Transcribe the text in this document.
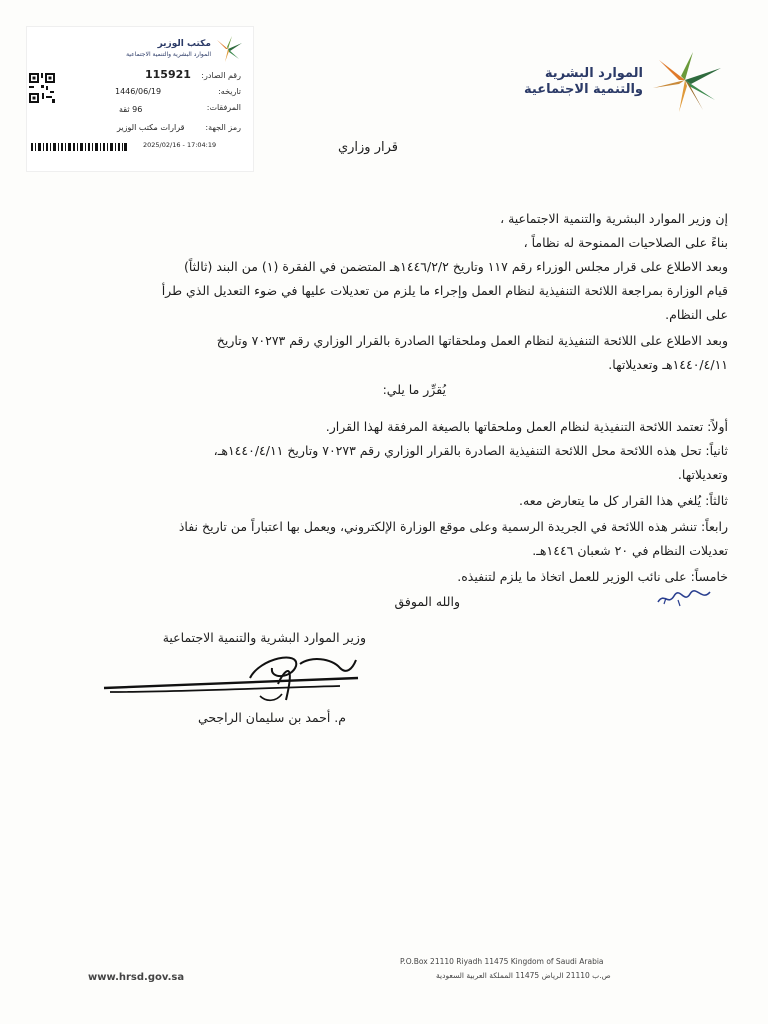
الموارد البشرية
والتنمية الاجتماعية
مكتب الوزير
الموارد البشرية والتنمية الاجتماعية
رقم الصادر:
115921
تاريخه:
1446/06/19
المرفقات:
96 ثقة
رمز الجهة:
قرارات مكتب الوزير
2025/02/16 - 17:04:19	قرار وزاري
إن وزير الموارد البشرية والتنمية الاجتماعية ،
بناءً على الصلاحيات الممنوحة له نظاماً ،
وبعد الاطلاع على قرار مجلس الوزراء رقم ١١٧ وتاريخ ١٤٤٦/٢/٢هـ المتضمن في الفقرة (١) من البند (ثالثاً)
قيام الوزارة بمراجعة اللائحة التنفيذية لنظام العمل وإجراء ما يلزم من تعديلات عليها في ضوء التعديل الذي طرأ
على النظام.
وبعد الاطلاع على اللائحة التنفيذية لنظام العمل وملحقاتها الصادرة بالقرار الوزاري رقم ٧٠٢٧٣ وتاريخ
١٤٤٠/٤/١١هـ وتعديلاتها.
يُقرِّر ما يلي:
أولاً: تعتمد اللائحة التنفيذية لنظام العمل وملحقاتها بالصيغة المرفقة لهذا القرار.
ثانياً: تحل هذه اللائحة محل اللائحة التنفيذية الصادرة بالقرار الوزاري رقم ٧٠٢٧٣ وتاريخ ١٤٤٠/٤/١١هـ،
وتعديلاتها.
ثالثاً: يُلغي هذا القرار كل ما يتعارض معه.
رابعاً: تنشر هذه اللائحة في الجريدة الرسمية وعلى موقع الوزارة الإلكتروني، ويعمل بها اعتباراً من تاريخ نفاذ
تعديلات النظام في ٢٠ شعبان ١٤٤٦هـ.
خامساً: على نائب الوزير للعمل اتخاذ ما يلزم لتنفيذه.
والله الموفق
وزير الموارد البشرية والتنمية الاجتماعية
م. أحمد بن سليمان الراجحي
www.hrsd.gov.sa
P.O.Box 21110 Riyadh 11475 Kingdom of Saudi Arabia
ص.ب 21110 الرياض 11475 المملكة العربية السعودية
